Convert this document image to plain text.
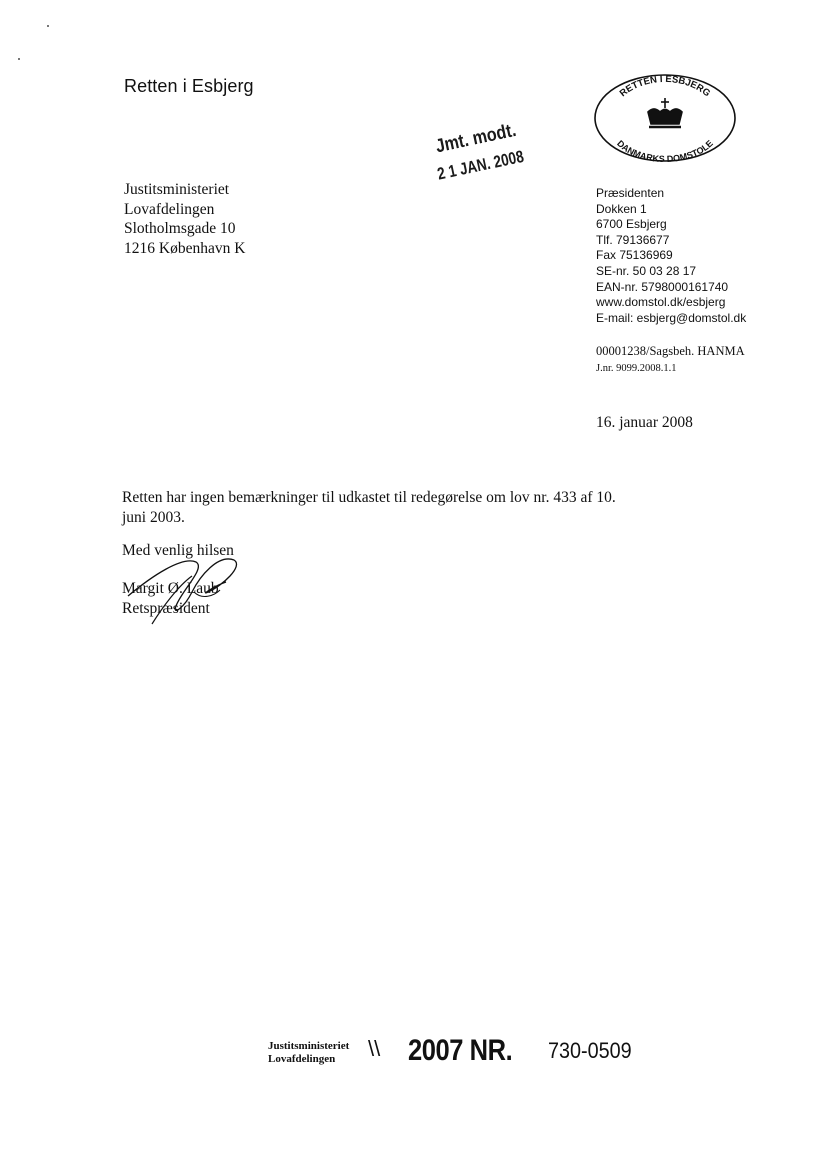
Retten i Esbjerg	RETTEN I ESBJERG
DANMARKS DOMSTOLE
Justitsministeriet
Lovafdelingen
Slotholmsgade 10
1216 København K
Jmt. modt.
2 1 JAN. 2008
Præsidenten
Dokken 1
6700 Esbjerg
Tlf. 79136677
Fax 75136969
SE-nr. 50 03 28 17
EAN-nr. 5798000161740
www.domstol.dk/esbjerg
E-mail: esbjerg@domstol.dk
00001238/Sagsbeh. HANMA
J.nr. 9099.2008.1.1
16. januar 2008
Retten har ingen bemærkninger til udkastet til redegørelse om lov nr. 433 af 10. juni 2003.
Med venlig hilsen
Margit Ø. Laub
Retspræsident
Justitsministeriet
Lovafdelingen	\\ 2007 NR. 730-0509
